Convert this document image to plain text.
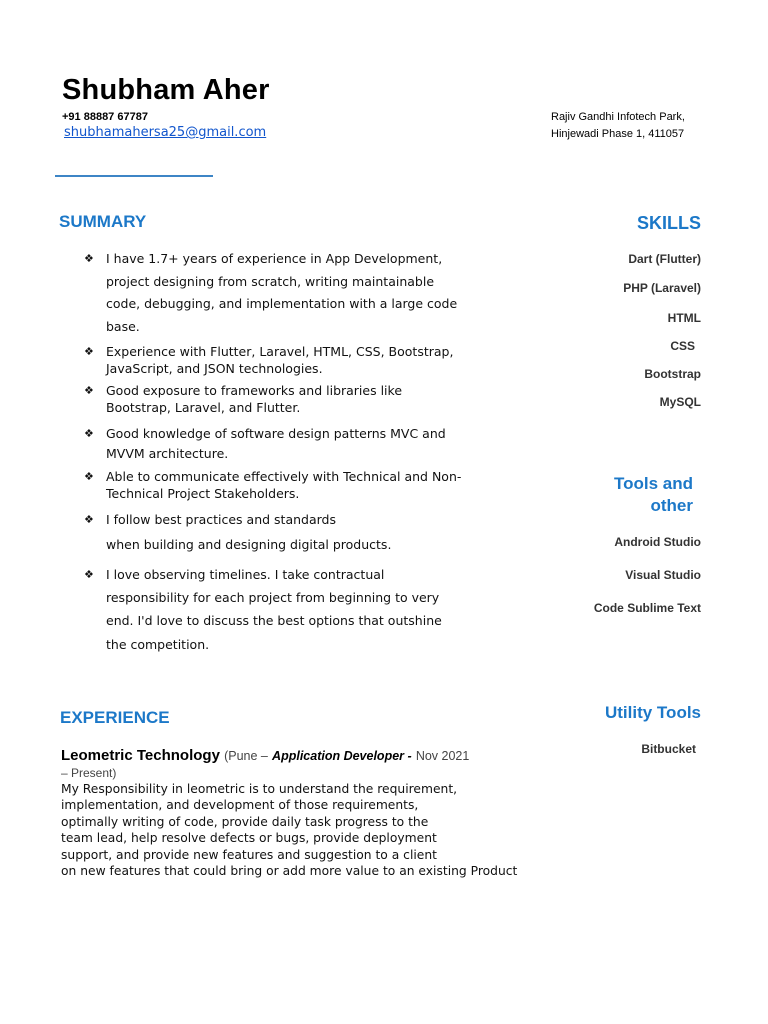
Shubham Aher
+91 88887 67787
shubhamahersa25@gmail.com
Rajiv Gandhi Infotech Park,
Hinjewadi Phase 1, 411057
SUMMARY
❖ I have 1.7+ years of experience in App Development,
project designing from scratch, writing maintainable
code, debugging, and implementation with a large code
base.
❖ Experience with Flutter, Laravel, HTML, CSS, Bootstrap,
JavaScript, and JSON technologies.
❖ Good exposure to frameworks and libraries like
Bootstrap, Laravel, and Flutter.
❖ Good knowledge of software design patterns MVC and
MVVM architecture.
❖ Able to communicate effectively with Technical and Non-
Technical Project Stakeholders.
❖ I follow best practices and standards
when building and designing digital products.
❖ I love observing timelines. I take contractual
responsibility for each project from beginning to very
end. I'd love to discuss the best options that outshine
the competition.
SKILLS
Dart (Flutter)
PHP (Laravel)
HTML
CSS
Bootstrap
MySQL
Tools and
other
Android Studio
Visual Studio
Code Sublime Text
Utility Tools
Bitbucket
EXPERIENCE
Leometric Technology (Pune – Application Developer - Nov 2021
– Present)
My Responsibility in leometric is to understand the requirement,
implementation, and development of those requirements,
optimally writing of code, provide daily task progress to the
team lead, help resolve defects or bugs, provide deployment
support, and provide new features and suggestion to a client
on new features that could bring or add more value to an existing Product
